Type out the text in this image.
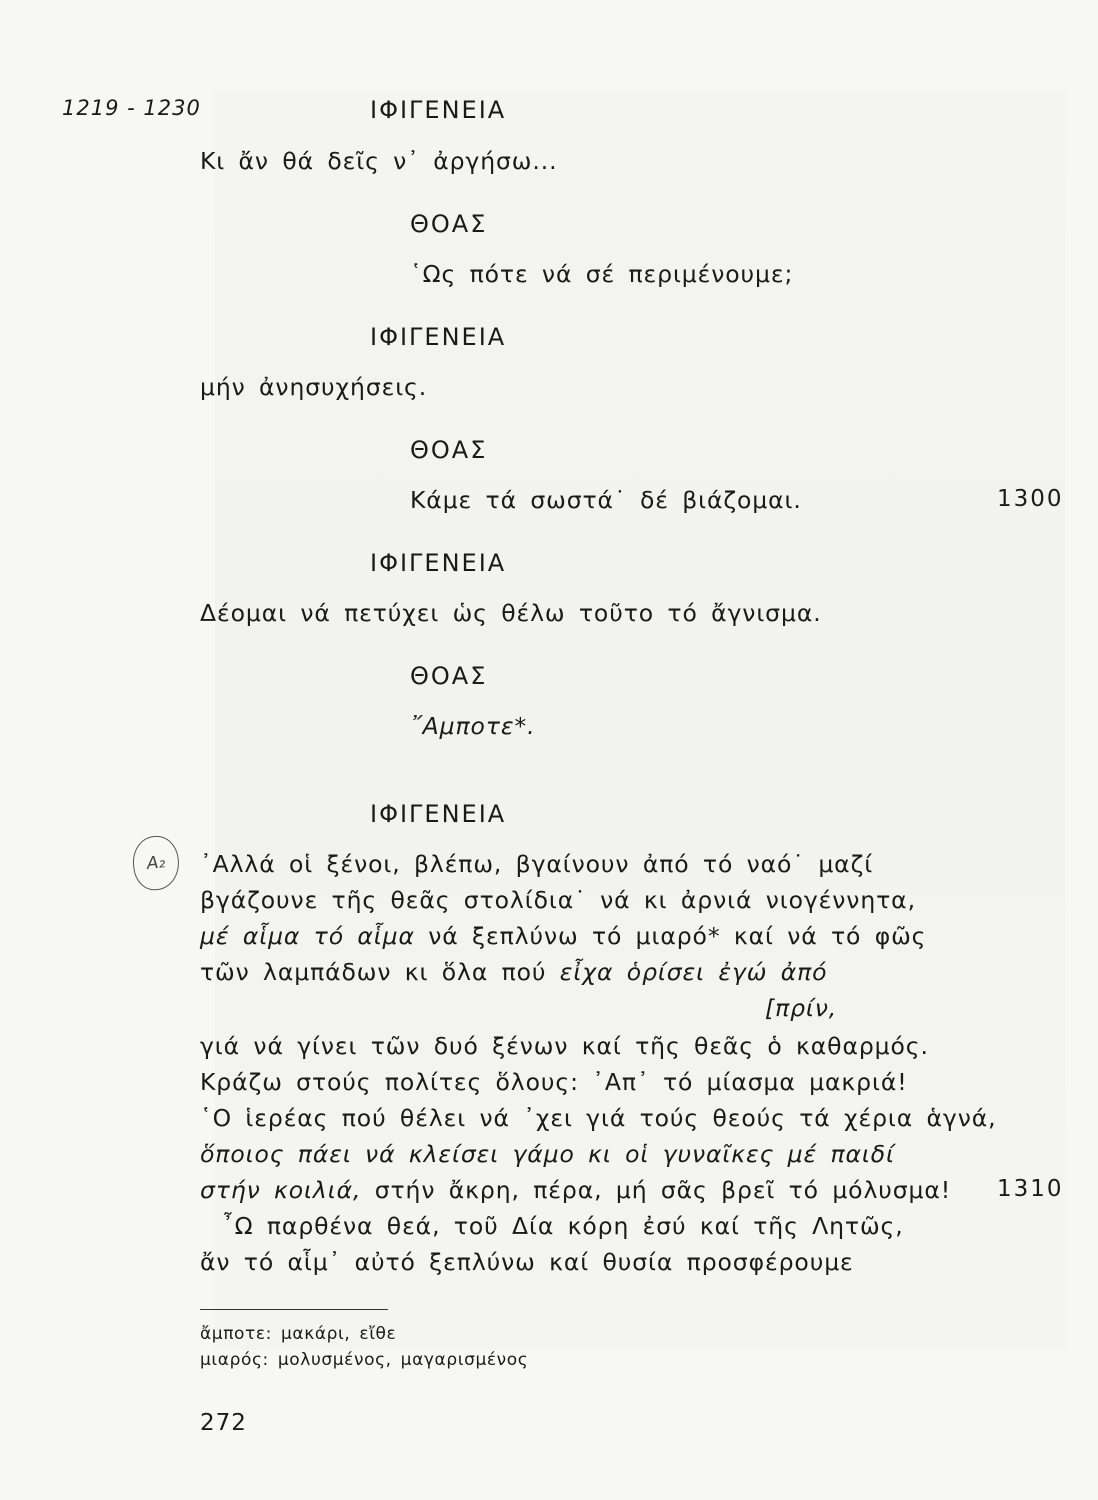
1219 - 1230	ΙΦΙΓΕΝΕΙΑ
Κι ἄν θά δεῖς ν᾽ ἀργήσω...
ΘΟΑΣ
῾Ως πότε νά σέ περιμένουμε;
ΙΦΙΓΕΝΕΙΑ
μήν ἀνησυχήσεις.
ΘΟΑΣ
Κάμε τά σωστά˙ δέ βιάζομαι.	1300
ΙΦΙΓΕΝΕΙΑ
Δέομαι νά πετύχει ὡς θέλω τοῦτο τό ἄγνισμα.
ΘΟΑΣ
῎Αμποτε*.
ΙΦΙΓΕΝΕΙΑ
Α₂	᾽Αλλά οἱ ξένοι, βλέπω, βγαίνουν ἀπό τό ναό˙ μαζί
βγάζουνε τῆς θεᾶς στολίδια˙ νά κι ἀρνιά νιογέννητα,
μέ αἷμα τό αἷμα νά ξεπλύνω τό μιαρό* καί νά τό φῶς
τῶν λαμπάδων κι ὅλα πού εἶχα ὁρίσει ἐγώ ἀπό
[πρίν,
γιά νά γίνει τῶν δυό ξένων καί τῆς θεᾶς ὁ καθαρμός.
Κράζω στούς πολίτες ὅλους: ᾽Απ᾽ τό μίασμα μακριά!
῾Ο ἱερέας πού θέλει νά ᾽χει γιά τούς θεούς τά χέρια ἁγνά,
ὅποιος πάει νά κλείσει γάμο κι οἱ γυναῖκες μέ παιδί
στήν κοιλιά, στήν ἄκρη, πέρα, μή σᾶς βρεῖ τό μόλυσμα! 1310
῏Ω παρθένα θεά, τοῦ Δία κόρη ἐσύ καί τῆς Λητῶς,
ἄν τό αἷμ᾽ αὐτό ξεπλύνω καί θυσία προσφέρουμε
ἄμποτε: μακάρι, εἴθε
μιαρός: μολυσμένος, μαγαρισμένος
272
